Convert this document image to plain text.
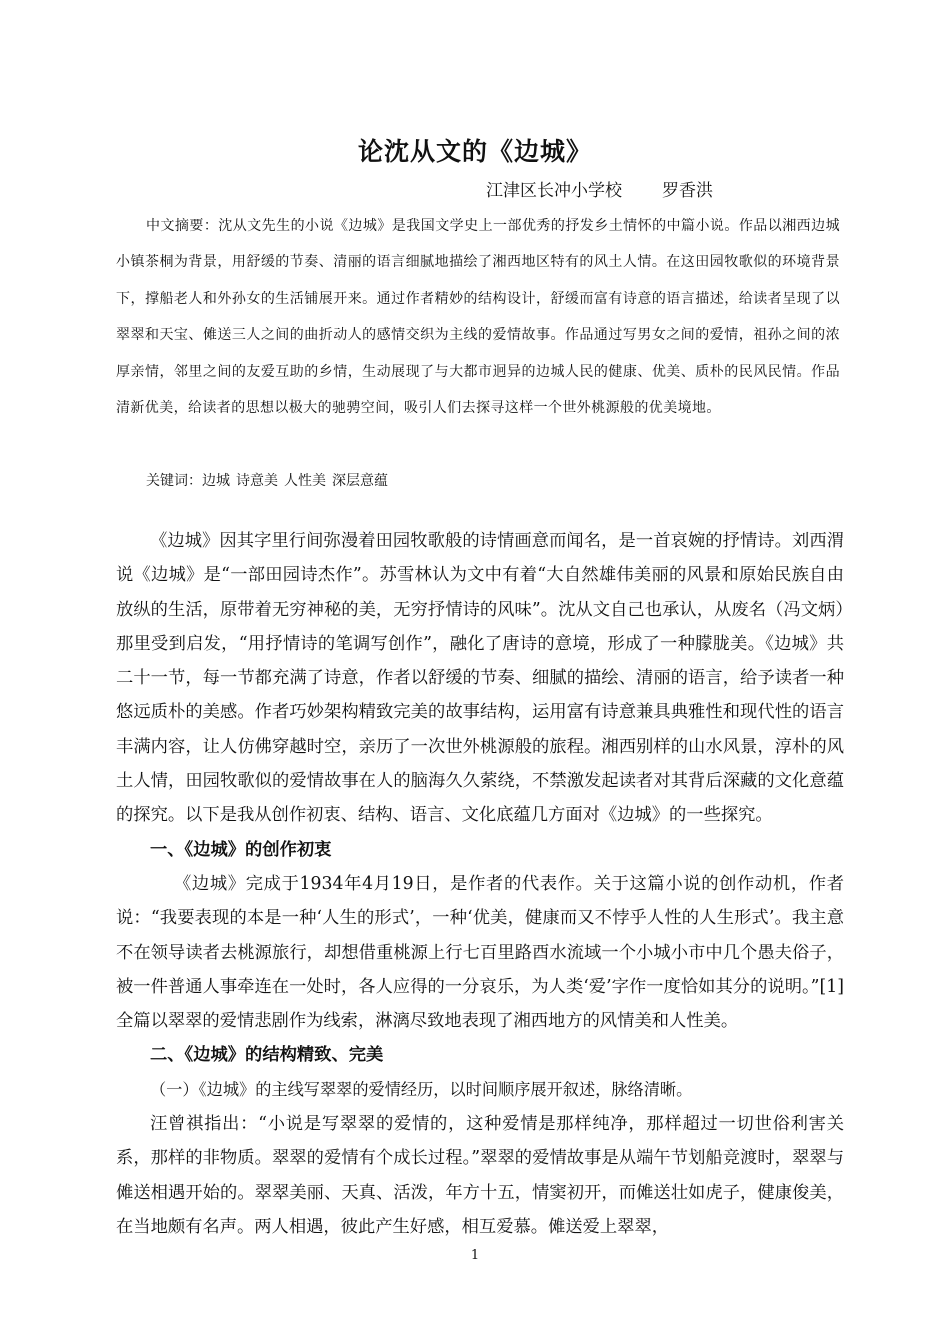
论沈从文的《边城》
江津区长冲小学校 罗香洪

中文摘要：沈从文先生的小说《边城》是我国文学史上一部优秀的抒发乡土情怀的中篇小说。作品以湘西边城小镇茶桐为背景，用舒缓的节奏、清丽的语言细腻地描绘了湘西地区特有的风土人情。在这田园牧歌似的环境背景下，撑船老人和外孙女的生活铺展开来。通过作者精妙的结构设计，舒缓而富有诗意的语言描述，给读者呈现了以翠翠和天宝、傩送三人之间的曲折动人的感情交织为主线的爱情故事。作品通过写男女之间的爱情，祖孙之间的浓厚亲情，邻里之间的友爱互助的乡情，生动展现了与大都市迥异的边城人民的健康、优美、质朴的民风民情。作品清新优美，给读者的思想以极大的驰骋空间，吸引人们去探寻这样一个世外桃源般的优美境地。

关键词：边城 诗意美 人性美 深层意蕴

《边城》因其字里行间弥漫着田园牧歌般的诗情画意而闻名，是一首哀婉的抒情诗。刘西渭说《边城》是“一部田园诗杰作”。苏雪林认为文中有着“大自然雄伟美丽的风景和原始民族自由放纵的生活，原带着无穷神秘的美，无穷抒情诗的风味”。沈从文自己也承认，从废名（冯文炳）那里受到启发，“用抒情诗的笔调写创作”，融化了唐诗的意境，形成了一种朦胧美。《边城》共二十一节，每一节都充满了诗意，作者以舒缓的节奏、细腻的描绘、清丽的语言，给予读者一种悠远质朴的美感。作者巧妙架构精致完美的故事结构，运用富有诗意兼具典雅性和现代性的语言丰满内容，让人仿佛穿越时空，亲历了一次世外桃源般的旅程。湘西别样的山水风景，淳朴的风土人情，田园牧歌似的爱情故事在人的脑海久久萦绕，不禁激发起读者对其背后深藏的文化意蕴的探究。以下是我从创作初衷、结构、语言、文化底蕴几方面对《边城》的一些探究。

一、《边城》的创作初衷

《边城》完成于1934年4月19日，是作者的代表作。关于这篇小说的创作动机，作者说：“我要表现的本是一种‘人生的形式’，一种‘优美，健康而又不悖乎人性的人生形式’。我主意不在领导读者去桃源旅行，却想借重桃源上行七百里路酉水流域一个小城小市中几个愚夫俗子，被一件普通人事牵连在一处时，各人应得的一分哀乐，为人类‘爱’字作一度恰如其分的说明。”[1]全篇以翠翠的爱情悲剧作为线索，淋漓尽致地表现了湘西地方的风情美和人性美。

二、《边城》的结构精致、完美

（一）《边城》的主线写翠翠的爱情经历，以时间顺序展开叙述，脉络清晰。

汪曾祺指出：“小说是写翠翠的爱情的，这种爱情是那样纯净，那样超过一切世俗利害关系，那样的非物质。翠翠的爱情有个成长过程。”翠翠的爱情故事是从端午节划船竞渡时，翠翠与傩送相遇开始的。翠翠美丽、天真、活泼，年方十五，情窦初开，而傩送壮如虎子，健康俊美，在当地颇有名声。两人相遇，彼此产生好感，相互爱慕。傩送爱上翠翠，

1
